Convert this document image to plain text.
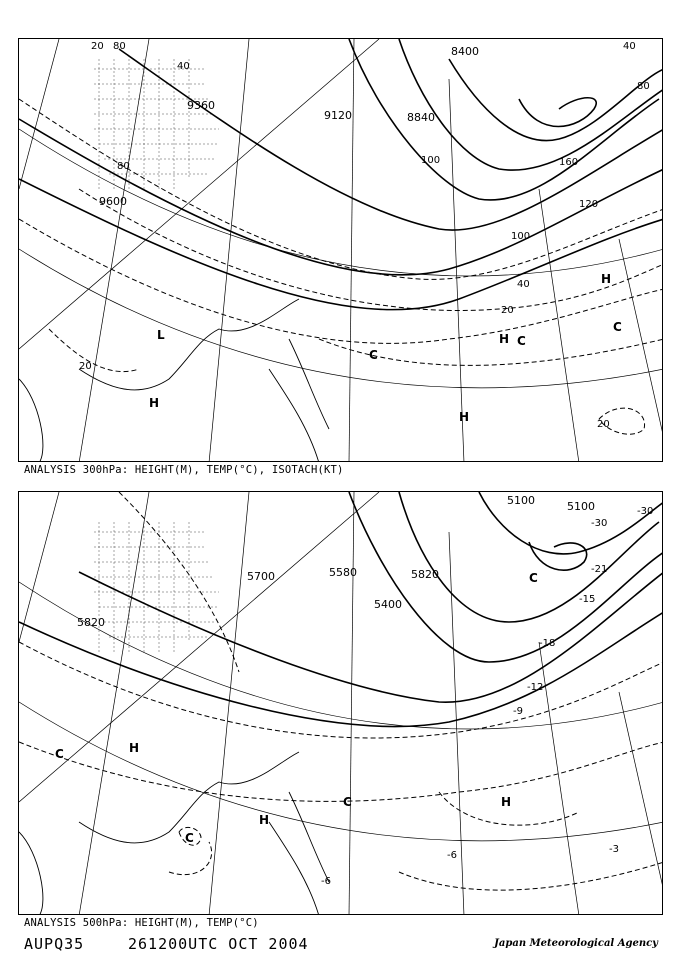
8400
9120	8840
9360
9600
20
40
80
100	160
120
80
100
40
20
80	40
20
20
L
H
H
C
H C
H
C
ANALYSIS 300hPa: HEIGHT(M), TEMP(°C), ISOTACH(KT)
5100
5700	5580
5820
5400
5820
5100
-30
-21
-18
-15
-12
-9
-6
-3
-30
-6
C	H
C
H
C
H
C
ANALYSIS 500hPa: HEIGHT(M), TEMP(°C)
AUPQ35	261200UTC OCT 2004	Japan Meteorological Agency
